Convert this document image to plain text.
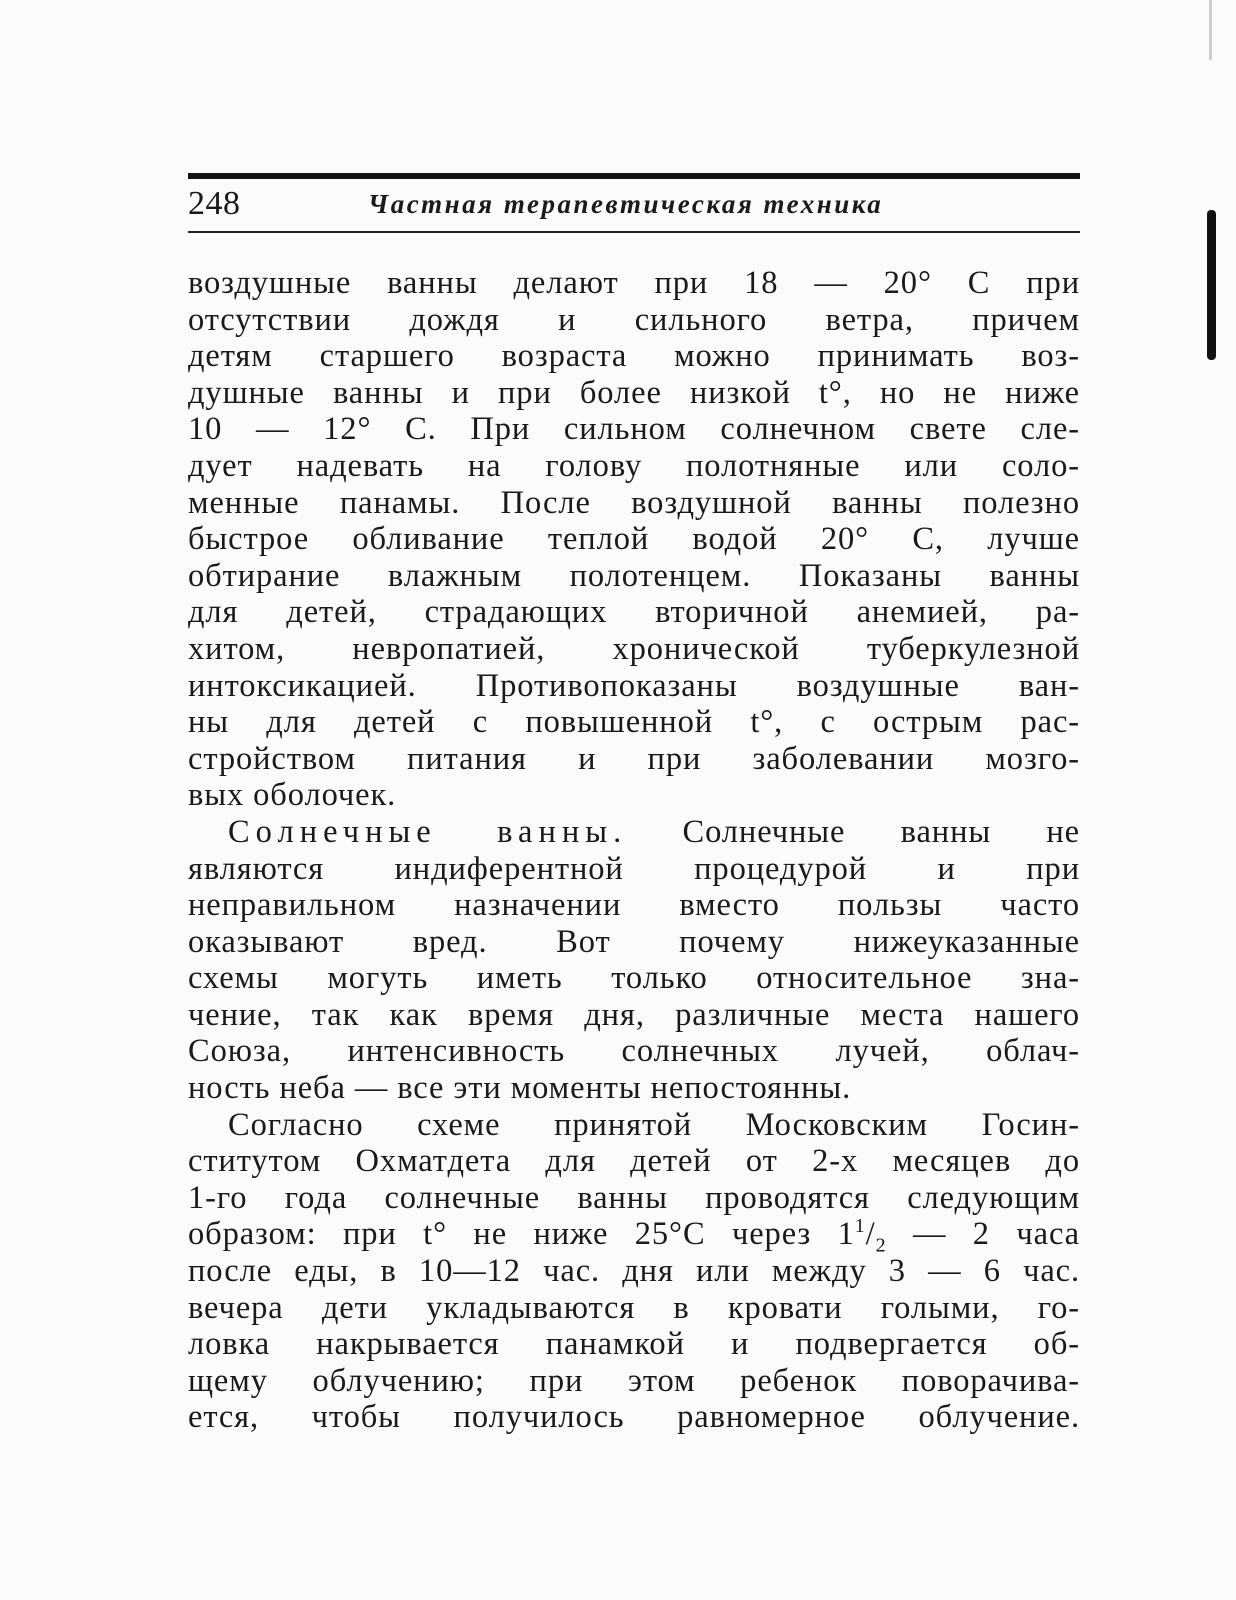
248	Частная терапевтическая техника
воздушные ванны делают при 18 — 20° С при
отсутствии дождя и сильного ветра, причем
детям старшего возраста можно принимать воз-
душные ванны и при более низкой t°, но не ниже
10 — 12° С. При сильном солнечном свете сле-
дует надевать на голову полотняные или соло-
менные панамы. После воздушной ванны полезно
быстрое обливание теплой водой 20° С, лучше
обтирание влажным полотенцем. Показаны ванны
для детей, страдающих вторичной анемией, ра-
хитом, невропатией, хронической туберкулезной
интоксикацией. Противопоказаны воздушные ван-
ны для детей с повышенной t°, с острым рас-
стройством питания и при заболевании мозго-
вых оболочек.
Солнечные ванны. Солнечные ванны не
являются индиферентной процедурой и при
неправильном назначении вместо пользы часто
оказывают вред. Вот почему нижеуказанные
схемы могуть иметь только относительное зна-
чение, так как время дня, различные места нашего
Союза, интенсивность солнечных лучей, облач-
ность неба — все эти моменты непостоянны.
Согласно схеме принятой Московским Госин-
ститутом Охматдета для детей от 2-х месяцев до
1-го года солнечные ванны проводятся следующим
образом: при t° не ниже 25°С через $1^1/_2$ — 2 часа
после еды, в 10—12 час. дня или между 3 — 6 час.
вечера дети укладываются в кровати голыми, го-
ловка накрывается панамкой и подвергается об-
щему облучению; при этом ребенок поворачива-
ется, чтобы получилось равномерное облучение.
